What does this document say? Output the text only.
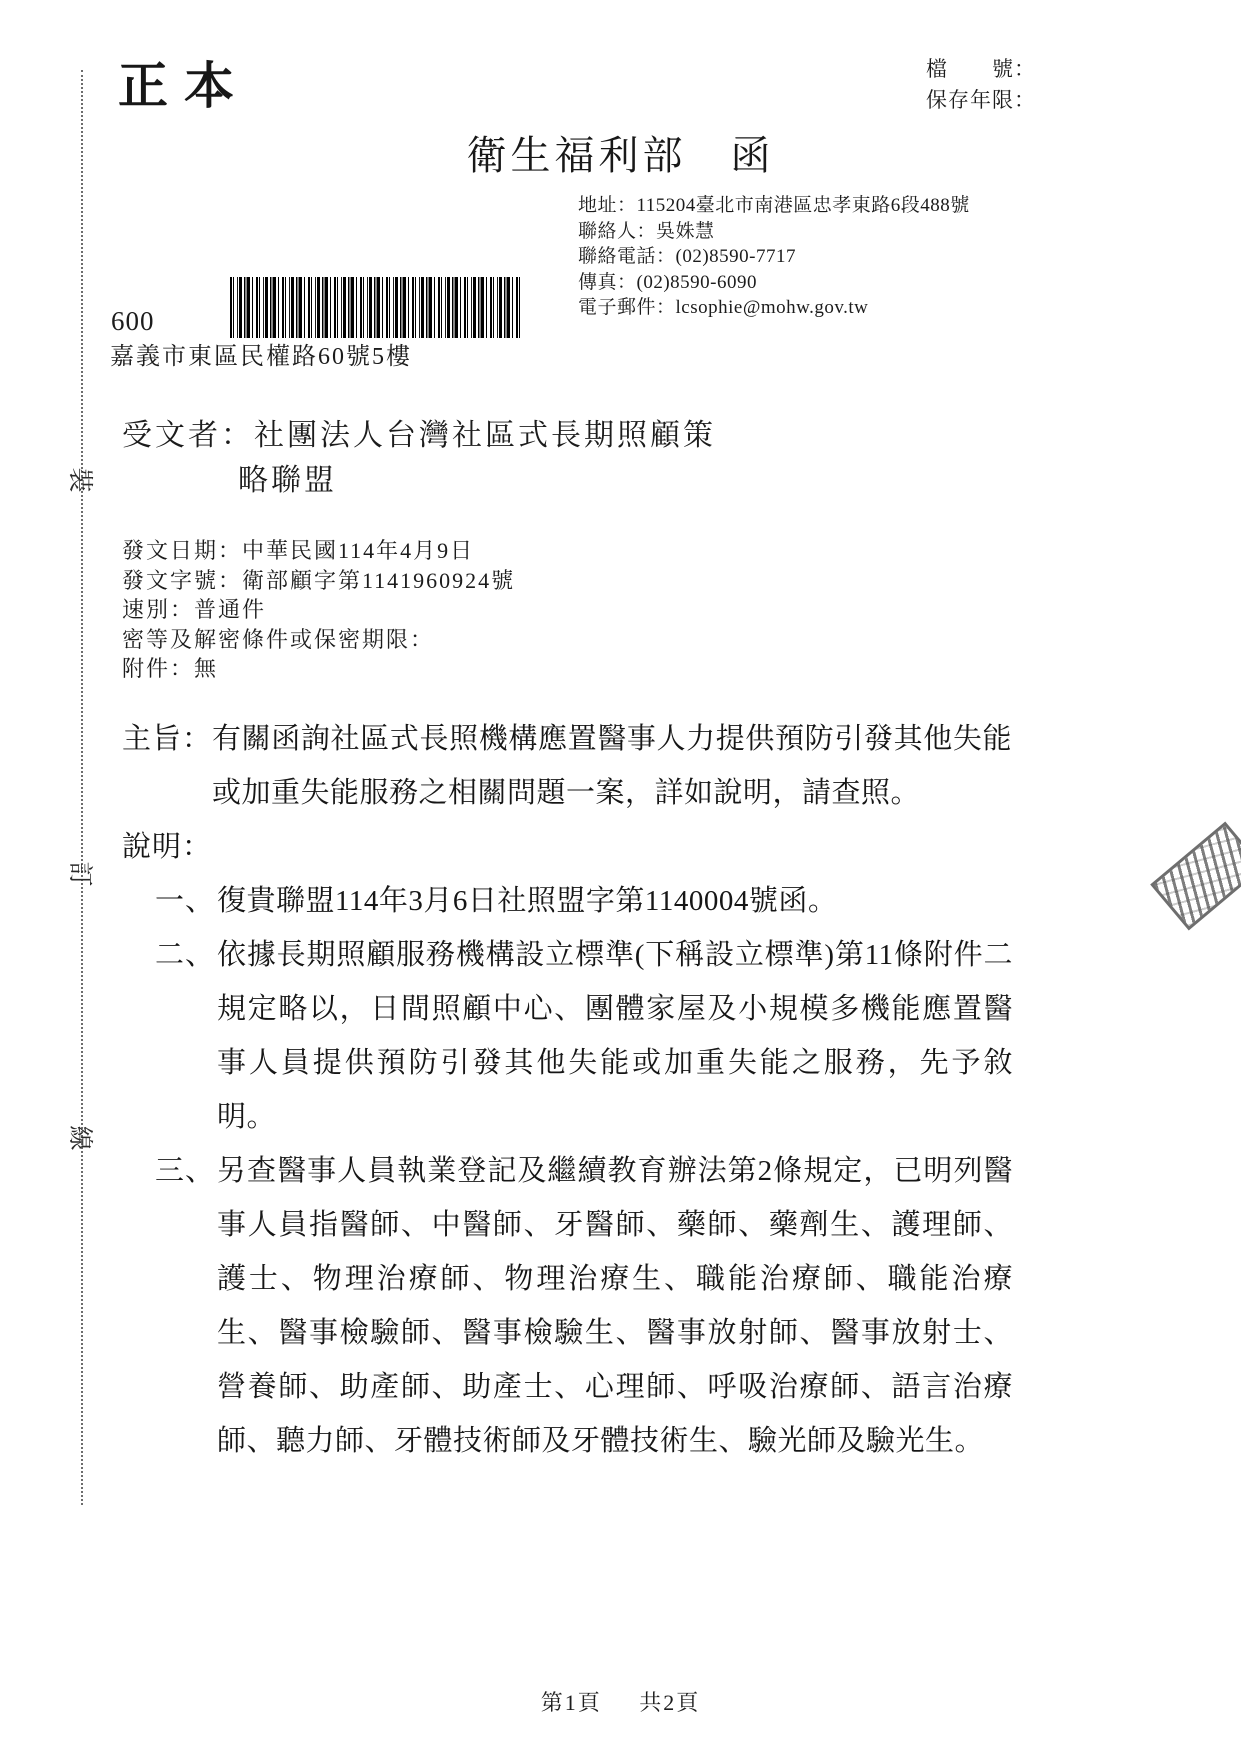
裝
訂
線
正本	檔　　號：
保存年限：
衛生福利部　函
地址：115204臺北市南港區忠孝東路6段488號
聯絡人：吳姝慧
聯絡電話：(02)8590-7717
傳真：(02)8590-6090
電子郵件：lcsophie@mohw.gov.tw
600
嘉義市東區民權路60號5樓
受文者：社團法人台灣社區式長期照顧策
略聯盟
發文日期：中華民國114年4月9日
發文字號：衛部顧字第1141960924號
速別：普通件
密等及解密條件或保密期限：
附件：無
主旨： 有關函詢社區式長照機構應置醫事人力提供預防引發其他失能或加重失能服務之相關問題一案，詳如說明，請查照。
說明：
一、 復貴聯盟114年3月6日社照盟字第1140004號函。
二、 依據長期照顧服務機構設立標準(下稱設立標準)第11條附件二規定略以，日間照顧中心、團體家屋及小規模多機能應置醫事人員提供預防引發其他失能或加重失能之服務，先予敘明。
三、 另查醫事人員執業登記及繼續教育辦法第2條規定，已明列醫事人員指醫師、中醫師、牙醫師、藥師、藥劑生、護理師、護士、物理治療師、物理治療生、職能治療師、職能治療生、醫事檢驗師、醫事檢驗生、醫事放射師、醫事放射士、營養師、助產師、助產士、心理師、呼吸治療師、語言治療師、聽力師、牙體技術師及牙體技術生、驗光師及驗光生。
第1頁 共2頁
